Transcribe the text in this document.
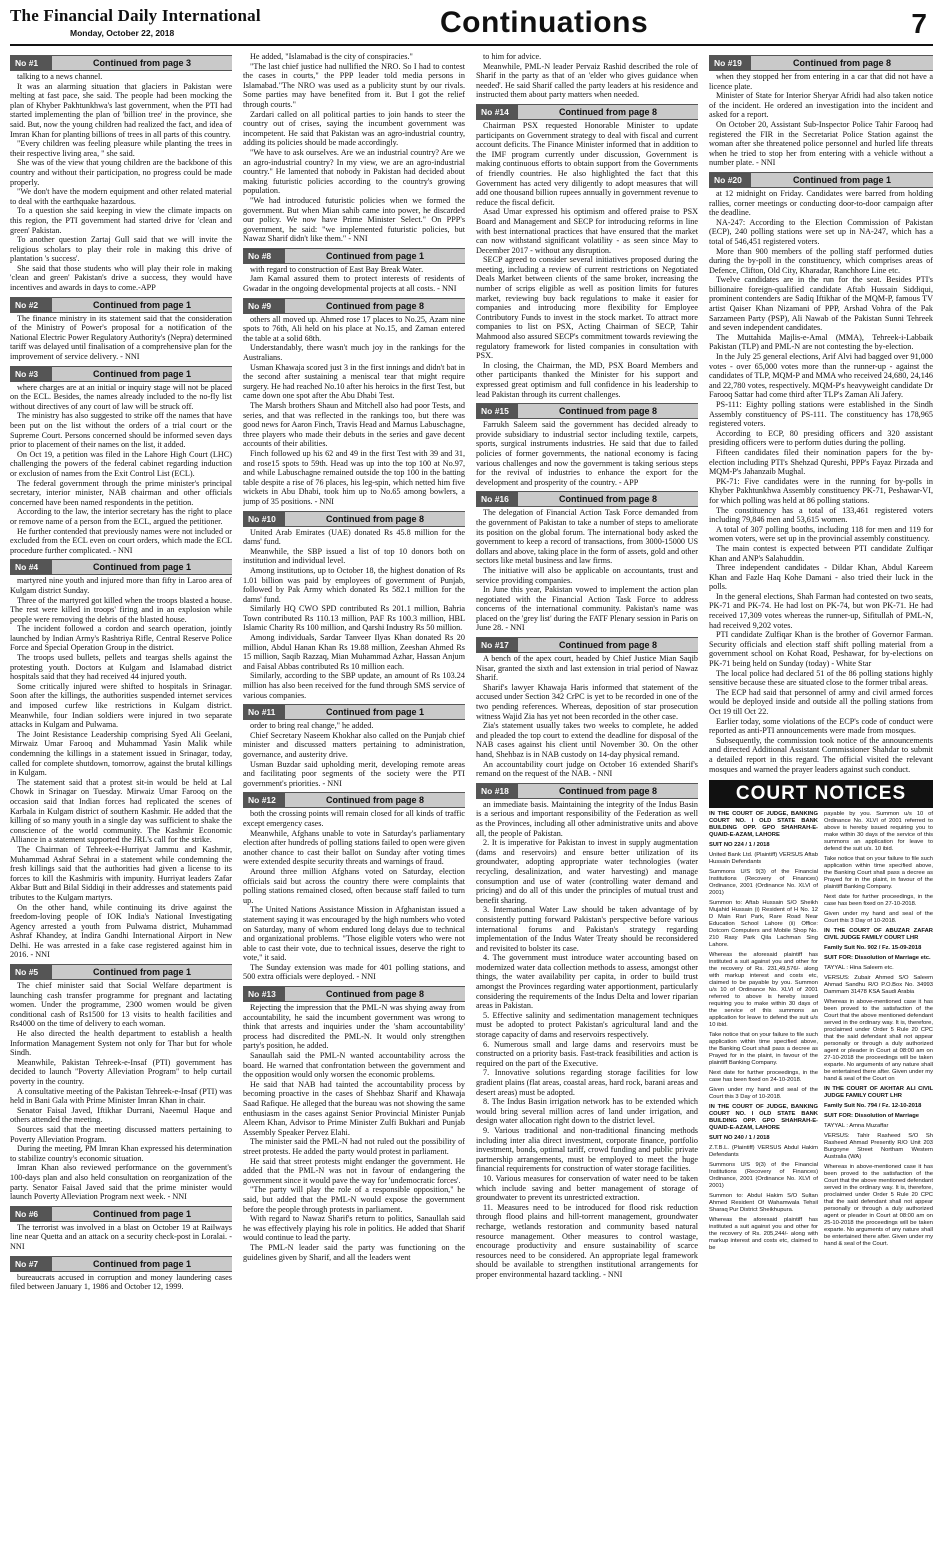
The Financial Daily International
Monday, October 22, 2018	Continuations	7
No #1	Continued from page 3

talking to a news channel.

It was an alarming situation that glaciers in Pakistan were melting at fast pace, she said. The people had been mocking the plan of Khyber Pakhtunkhwa's last government, when the PTI had started implementing the plan of 'billion tree' in the province, she said. But, now the young children had realized the fact, and idea of Imran Khan for planting billions of trees in all parts of this country.

"Every children was feeling pleasure while planting the trees in their respective living area, " she said.

She was of the view that young children are the backbone of this country and without their participation, no progress could be made properly.

"We don't have the modern equipment and other related material to deal with the earthquake hazardous.

To a question she said keeping in view the climate impacts on this region, the PTI government had started drive for 'clean and green' Pakistan.

To another question Zartaj Gull said that we will invite the religious scholars to play their role in making this drive of plantation 's success'.

She said that those students who will play their role in making 'clean and green' Pakistan's drive a success, they would have incentives and awards in days to come.-APP

No #2	Continued from page 1

The finance ministry in its statement said that the consideration of the Ministry of Power's proposal for a notification of the National Electric Power Regulatory Authority's (Nepra) determined tariff was delayed until finalisation of a comprehensive plan for the improvement of service delivery. - NNI

No #3	Continued from page 1

where charges are at an initial or inquiry stage will not be placed on the ECL. Besides, the names already included to the no-fly list without directives of any court of law will be struck off.

The ministry has also suggested to strike off the names that have been put on the list without the orders of a trial court or the Supreme Court. Persons concerned should be informed seven days prior to placement of their names on the list, it added.

On Oct 19, a petition was filed in the Lahore High Court (LHC) challenging the powers of the federal cabinet regarding induction or exclusion of names from the Exit Control List (ECL).

The federal government through the prime minister's principal secretary, interior minister, NAB chairman and other officials concerned have been named respondents in the petition.

According to the law, the interior secretary has the right to place or remove name of a person from the ECL, argued the petitioner.

He further contended that previously names were not included or excluded from the ECL even on court orders, which made the ECL procedure further complicated. - NNI

No #4	Continued from page 1

martyred nine youth and injured more than fifty in Laroo area of Kulgam district Sunday.

Three of the martyred got killed when the troops blasted a house. The rest were killed in troops' firing and in an explosion while people were removing the debris of the blasted house.

The incident followed a cordon and search operation, jointly launched by Indian Army's Rashtriya Rifle, Central Reserve Police Force and Special Operation Group in the district.

The troops used bullets, pellets and teargas shells against the protesting youth. Doctors at Kulgam and Islamabad district hospitals said that they had received 44 injured youth.

Some critically injured were shifted to hospitals in Srinagar. Soon after the killings, the authorities suspended internet services and imposed curfew like restrictions in Kulgam district. Meanwhile, four Indian soldiers were injured in two separate attacks in Kulgam and Pulwama.

The Joint Resistance Leadership comprising Syed Ali Geelani, Mirwaiz Umar Farooq and Muhammad Yasin Malik while condemning the killings in a statement issued in Srinagar, today, called for complete shutdown, tomorrow, against the brutal killings in Kulgam.

The statement said that a protest sit-in would be held at Lal Chowk in Srinagar on Tuesday. Mirwaiz Umar Farooq on the occasion said that Indian forces had replicated the scenes of Karbala in Kulgam district of southern Kashmir. He added that the killing of so many youth in a single day was sufficient to shake the conscience of the world community. The Kashmir Economic Alliance in a statement supported the JRL's call for the strike.

The Chairman of Tehreek-e-Hurriyat Jammu and Kashmir, Muhammad Ashraf Sehrai in a statement while condemning the fresh killings said that the authorities had given a license to its forces to kill the Kashmiris with impunity. Hurriyat leaders Zafar Akbar Butt and Bilal Siddiqi in their addresses and statements paid tributes to the Kulgam martyrs.

On the other hand, while continuing its drive against the freedom-loving people of IOK India's National Investigating Agency arrested a youth from Pulwama district, Muhammad Ashraf Khandey, at Indira Gandhi International Airport in New Delhi. He was arrested in a fake case registered against him in 2016. - NNI

No #5	Continued from page 1

The chief minister said that Social Welfare department is launching cash transfer programme for pregnant and lactating women. Under the programme, 2300 women would be given conditional cash of Rs1500 for 13 visits to health facilities and Rs4000 on the time of delivery to each woman.

He also directed the health department to establish a health Information Management System not only for Thar but for whole Sindh.

Meanwhile, Pakistan Tehreek-e-Insaf (PTI) government has decided to launch "Poverty Alleviation Program" to help curtail poverty in the country.

A consultative meeting of the Pakistan Tehreek-e-Insaf (PTI) was held in Bani Gala with Prime Minister Imran Khan in chair.

Senator Faisal Javed, Iftikhar Durrani, Naeemul Haque and others attended the meeting.

Sources said that the meeting discussed matters pertaining to Poverty Alleviation Program.

During the meeting, PM Imran Khan expressed his determination to stabilize country's economic situation.

Imran Khan also reviewed performance on the government's 100-days plan and also held consultation on reorganization of the party. Senator Faisal Javed said that the prime minister would launch Poverty Alleviation Program next week. - NNI

No #6	Continued from page 1

The terrorist was involved in a blast on October 19 at Railways line near Quetta and an attack on a security check-post in Loralai. - NNI

No #7	Continued from page 1

bureaucrats accused in corruption and money laundering cases filed between January 1, 1986 and October 12, 1999.

He added, "Islamabad is the city of conspiracies."

"The last chief justice had nullified the NRO. So I had to contest the cases in courts," the PPP leader told media persons in Islamabad."The NRO was used as a publicity stunt by our rivals. Some parties may have benefited from it. But I got the relief through courts."

Zardari called on all political parties to join hands to steer the country out of crises, saying the incumbent government was incompetent. He said that Pakistan was an agro-industrial country, adding its policies should be made accordingly.

"We have to ask ourselves. Are we an industrial country? Are we an agro-industrial country? In my view, we are an agro-industrial country." He lamented that nobody in Pakistan had decided about making futuristic policies according to the country's growing population.

"We had introduced futuristic policies when we formed the government. But when Mian sahib came into power, he discarded our policy. We now have Prime Minister Select." On PPP's government, he said: "we implemented futuristic policies, but Nawaz Sharif didn't like them." - NNI

No #8	Continued from page 1

with regard to construction of East Bay Break Water.

Jam Kamal assured them to protect interests of residents of Gwadar in the ongoing developmental projects at all costs. - NNI

No #9	Continued from page 8

others all moved up. Ahmed rose 17 places to No.25, Azam nine spots to 76th, Ali held on his place at No.15, and Zaman entered the table at a solid 68th.

Understandably, there wasn't much joy in the rankings for the Australians.

Usman Khawaja scored just 3 in the first innings and didn't bat in the second after sustaining a meniscal tear that might require surgery. He had reached No.10 after his heroics in the first Test, but came down one spot after the Abu Dhabi Test.

The Marsh brothers Shaun and Mitchell also had poor Tests, and series, and that was reflected in the rankings too, but there was good news for Aaron Finch, Travis Head and Marnus Labuschagne, three players who made their debuts in the series and gave decent accounts of their abilities.

Finch followed up his 62 and 49 in the first Test with 39 and 31, and rose15 spots to 59th. Head was up into the top 100 at No.97, and while Labuschagne remained outside the top 100 in the batting table despite a rise of 76 places, his leg-spin, which netted him five wickets in Abu Dhabi, took him up to No.65 among bowlers, a jump of 35 positions. - NNI

No #10	Continued from page 8

United Arab Emirates (UAE) donated Rs 45.8 million for the dams' fund.

Meanwhile, the SBP issued a list of top 10 donors both on institution and individual level.

Among institutions, up to October 18, the highest donation of Rs 1.01 billion was paid by employees of government of Punjab, followed by Pak Army which donated Rs 582.1 million for the dams' fund.

Similarly HQ CWO SPD contributed Rs 201.1 million, Bahria Town contributed Rs 110.13 million, PAF Rs 100.3 million, HBL Islamic Charity Rs 100 million, and Qarshi Industry Rs 50 million.

Among individuals, Sardar Tanveer Ilyas Khan donated Rs 20 million, Abdul Hanan Khan Rs 19.88 million, Zeeshan Ahmed Rs 15 million, Saqib Razzaq, Mian Muhammad Azhar, Hassan Anjum and Faisal Abbas contributed Rs 10 million each.

Similarly, according to the SBP update, an amount of Rs 103.24 million has also been received for the fund through SMS service of various companies.

No #11	Continued from page 1

order to bring real change," he added.

Chief Secretary Naseem Khokhar also called on the Punjab chief minister and discussed matters pertaining to administration, governance, and austerity drive.

Usman Buzdar said upholding merit, developing remote areas and facilitating poor segments of the society were the PTI government's priorities. - NNI

No #12	Continued from page 8

both the crossing points will remain closed for all kinds of traffic except emergency cases.

Meanwhile, Afghans unable to vote in Saturday's parliamentary election after hundreds of polling stations failed to open were given another chance to cast their ballot on Sunday after voting times were extended despite security threats and warnings of fraud.

Around three million Afghans voted on Saturday, election officials said but across the country there were complaints that polling stations remained closed, often because staff failed to turn up.

The United Nations Assistance Mission in Afghanistan issued a statement saying it was encouraged by the high numbers who voted on Saturday, many of whom endured long delays due to technical and organizational problems. "Those eligible voters who were not able to cast their vote, due to technical issues, deserve the right to vote," it said.

The Sunday extension was made for 401 polling stations, and 500 extra officials were deployed. - NNI

No #13	Continued from page 8

Rejecting the impression that the PML-N was shying away from accountability, he said the incumbent government was wrong to think that arrests and inquiries under the 'sham accountability' process had discredited the PML-N. It would only strengthen party's position, he added.

Sanaullah said the PML-N wanted accountability across the board. He warned that confrontation between the government and the opposition would only worsen the economic problems.

He said that NAB had tainted the accountability process by becoming proactive in the cases of Shehbaz Sharif and Khawaja Saad Rafique. He alleged that the bureau was not showing the same enthusiasm in the cases against Senior Provincial Minister Punjab Aleem Khan, Advisor to Prime Minister Zulfi Bukhari and Punjab Assembly Speaker Pervez Elahi.

The minister said the PML-N had not ruled out the possibility of street protests. He added the party would protest in parliament.

He said that street protests might endanger the government. He added that the PML-N was not in favour of endangering the government since it would pave the way for 'undemocratic forces'.

"The party will play the role of a responsible opposition," he said, but added that the PML-N would expose the government before the people through protests in parliament.

With regard to Nawaz Sharif's return to politics, Sanaullah said he was effectively playing his role in politics. He added that Sharif would continue to lead the party.

The PML-N leader said the party was functioning on the guidelines given by Sharif, and all the leaders went

to him for advice.

Meanwhile, PML-N leader Pervaiz Rashid described the role of Sharif in the party as that of an 'elder who gives guidance when needed'. He said Sharif called the party leaders at his residence and instructed them about party matters when needed.

No #14	Continued from page 8

Chairman PSX requested Honorable Minister to update participants on Government strategy to deal with fiscal and current account deficits. The Finance Minister informed that in addition to the IMF program currently under discussion, Government is making continuous efforts to obtain support from the Governments of friendly countries. He also highlighted the fact that this Government has acted very diligently to adopt measures that will add one thousand billion rupees annually in government revenue to reduce the fiscal deficit.

Asad Umar expressed his optimism and offered praise to PSX Board and Management and SECP for introducing reforms in line with best international practices that have ensured that the market can now withstand significant volatility - as seen since May to December 2017 - without any disruption.

SECP agreed to consider several initiatives proposed during the meeting, including a review of current restrictions on Negotiated Deals Market between clients of the same broker, increasing the number of scrips eligible as well as position limits for futures market, reviewing buy back regulations to make it easier for companies and introducing more flexibility for Employee Contributory Funds to invest in the stock market. To attract more companies to list on PSX, Acting Chairman of SECP, Tahir Mahmood also assured SECP's commitment towards reviewing the regulatory framework for listed companies in consultation with PSX.

In closing, the Chairman, the MD, PSX Board Members and other participants thanked the Minister for his support and expressed great optimism and full confidence in his leadership to lead Pakistan through its current challenges.

No #15	Continued from page 8

Farrukh Saleem said the government has decided already to provide subsidiary to industrial sector including textile, carpets, sports, surgical instruments industries. He said that due to failed policies of former governments, the national economy is facing various challenges and now the government is taking serious steps for the revival of industries to enhance the export for the development and prosperity of the country. - APP

No #16	Continued from page 8

The delegation of Financial Action Task Force demanded from the government of Pakistan to take a number of steps to ameliorate its position on the global forum. The international body asked the government to keep a record of transactions, from 3000-15000 US dollars and above, taking place in the form of assets, gold and other sectors like metal business and law firms.

The initiative will also be applicable on accountants, trust and service providing companies.

In June this year, Pakistan vowed to implement the action plan negotiated with the Financial Action Task Force to address concerns of the international community. Pakistan's name was placed on the 'grey list' during the FATF Plenary session in Paris on June 28. - NNI

No #17	Continued from page 8

A bench of the apex court, headed by Chief Justice Mian Saqib Nisar, granted the sixth and last extension in trial period of Nawaz Sharif.

Sharif's lawyer Khawaja Haris informed that statement of the accused under Section 342 CrPC is yet to be recorded in one of the two pending references. Whereas, deposition of star prosecution witness Wajid Zia has yet not been recorded in the other case.

Zia's statement usually takes two weeks to complete, he added and pleaded the top court to extend the deadline for disposal of the NAB cases against his client until November 30. On the other hand, Shehbaz is in NAB custody on 14-day physical remand.

An accountability court judge on October 16 extended Sharif's remand on the request of the NAB. - NNI

No #18	Continued from page 8

an immediate basis. Maintaining the integrity of the Indus Basin is a serious and important responsibility of the Federation as well as the Provinces, including all other administrative units and above all, the people of Pakistan.

2. It is imperative for Pakistan to invest in supply augmentation (dams and reservoirs) and ensure better utilization of its groundwater, adopting appropriate water technologies (water recycling, desalinization, and water harvesting) and manage consumption and use of water (controlling water demand and pricing) and do all of this under the principles of mutual trust and benefit sharing.

3. International Water Law should be taken advantage of by consistently putting forward Pakistan's perspective before various international forums and Pakistan's strategy regarding implementation of the Indus Water Treaty should be reconsidered and revisited to bolster its case.

4. The government must introduce water accounting based on modernized water data collection methods to assess, amongst other things, the water availability per capita, in order to build trust amongst the Provinces regarding water apportionment, particularly considering the requirements of the Indus Delta and lower riparian areas in Pakistan.

5. Effective salinity and sedimentation management techniques must be adopted to protect Pakistan's agricultural land and the storage capacity of dams and reservoirs respectively.

6. Numerous small and large dams and reservoirs must be constructed on a priority basis. Fast-track feasibilities and action is required on the part of the Executive.

7. Innovative solutions regarding storage facilities for low gradient plains (flat areas, coastal areas, hard rock, barani areas and desert areas) must be adopted.

8. The Indus Basin irrigation network has to be extended which would bring several million acres of land under irrigation, and design water allocation right down to the district level.

9. Various traditional and non-traditional financing methods including inter alia direct investment, corporate finance, portfolio investment, bonds, optimal tariff, crowd funding and public private partnership arrangements, must be employed to meet the huge financial requirements for construction of water storage facilities.

10. Various measures for conservation of water need to be taken which include saving and better management of storage of groundwater to prevent its unrestricted extraction.

11. Measures need to be introduced for flood risk reduction through flood plains and hill-torrent management, groundwater recharge, wetlands restoration and community based natural resource management. Other measures to control wastage, encourage productivity and ensure sustainability of scarce resources need to be considered. An appropriate legal framework should be available to strengthen institutional arrangements for proper environmental hazard tackling. - NNI

No #19	Continued from page 8

when they stopped her from entering in a car that did not have a licence plate.

Minister of State for Interior Sheryar Afridi had also taken notice of the incident. He ordered an investigation into the incident and asked for a report.

On October 20, Assistant Sub-Inspector Police Tahir Farooq had registered the FIR in the Secretariat Police Station against the woman after she threatened police personnel and hurled life threats when he tried to stop her from entering with a vehicle without a number plate. - NNI

No #20	Continued from page 1

at 12 midnight on Friday. Candidates were barred from holding rallies, corner meetings or conducting door-to-door campaign after the deadline.

NA-247: According to the Election Commission of Pakistan (ECP), 240 polling stations were set up in NA-247, which has a total of 546,451 registered voters.

More than 900 members of the polling staff performed duties during the by-poll in the constituency, which comprises areas of Defence, Clifton, Old City, Kharadar, Ranchhore Line etc.

Twelve candidates are in the run for the seat. Besides PTI's billionaire foreign-qualified candidate Aftab Hussain Siddiqui, prominent contenders are Sadiq Iftikhar of the MQM-P, famous TV artist Qaiser Khan Nizamani of PPP, Arshad Vohra of the Pak Sarzameen Party (PSP), Ali Nawab of the Pakistan Sunni Tehreek and seven independent candidates.

The Muttahida Majlis-e-Amal (MMA), Tehreek-i-Labbaik Pakistan (TLP) and PML-N are not contesting the by-election.

In the July 25 general elections, Arif Alvi had bagged over 91,000 votes - over 65,000 votes more than the runner-up - against the candidates of TLP, MQM-P and MMA who received 24,680, 24,146 and 22,780 votes, respectively. MQM-P's heavyweight candidate Dr Farooq Sattar had come third after TLP's Zaman Ali Jafery.

PS-111: Eighty polling stations were established in the Sindh Assembly constituency of PS-111. The constituency has 178,965 registered voters.

According to ECP, 80 presiding officers and 320 assistant presiding officers were to perform duties during the polling.

Fifteen candidates filed their nomination papers for the by-election including PTI's Shehzad Qureshi, PPP's Fayaz Pirzada and MQM-P's Jahanzaib Mughal.

PK-71: Five candidates were in the running for by-polls in Khyber Pakhtunkhwa Assembly constituency PK-71, Peshawar-VI, for which polling was held at 86 polling stations.

The constituency has a total of 133,461 registered voters including 79,846 men and 53,615 women.

A total of 307 polling booths, including 118 for men and 119 for women voters, were set up in the provincial assembly constituency.

The main contest is expected between PTI candidate Zulfiqar Khan and ANP's Salahuddin.

Three independent candidates - Dildar Khan, Abdul Kareem Khan and Fazle Haq Kohe Damani - also tried their luck in the polls.

In the general elections, Shah Farman had contested on two seats, PK-71 and PK-74. He had lost on PK-74, but won PK-71. He had received 17,309 votes whereas the runner-up, Sifitullah of PML-N, had received 9,202 votes.

PTI candidate Zulfiqar Khan is the brother of Governor Farman. Security officials and election staff shift polling material from a government school on Kohat Road, Peshawar, for by-elections on PK-71 being held on Sunday (today) - White Star

The local police had declared 51 of the 86 polling stations highly sensitive because these are situated close to the former tribal areas.

The ECP had said that personnel of army and civil armed forces would be deployed inside and outside all the polling stations from Oct 19 till Oct 22.

Earlier today, some violations of the ECP's code of conduct were reported as anti-PTI announcements were made from mosques.

Subsequently, the commission took notice of the announcements and directed Additional Assistant Commissioner Shahdar to submit a detailed report in this regard. The official visited the relevant mosques and warned the prayer leaders against such conduct.

COURT NOTICES

IN THE COURT OF JUDGE, BANKING COURT NO. I OLD STATE BANK BUILDING OPP. GPO SHAHRAH-E-QUAID-E-AZAM, LAHORE

SUIT NO 224 / 1 / 2018

United Bank Ltd. (Plaintiff) VERSUS Aftab Hussain Defendants

Summons U/S 9(3) of the Financial Institutions (Recovery of Finances) Ordinance, 2001 (Ordinance No. XLVI of 2001)

Summon to: Aftab Hussain S/O Sheikh Mujahid Hussain (i) Resident of H No. 12 D Main Rari Park, Rare Road Near Education School Lahore (ii) Office: Dotcom Computers and Mobile Shop No. 210 Rasy Park Qila Lachman Sing Lahore.

Whereas the aforesaid plaintiff has instituted a suit against you and other for the recovery of Rs. 231,49,576/- along with markup interest and costs etc, claimed to be payable by you. Summon u/s 10 of Ordinance No. XLVI of 2001 referred to above is hereby issued requiring you to make within 30 days of the service of this summons an application for leave to defend the suit u/s 10 ibid.

Take notice that on your failure to file such application within time specified above, the Banking Court shall pass a decree as Prayed for in the plaint, in favour of the plaintiff Banking Company.

Next date for further proceedings, in the case has been fixed on 24-10-2018.

Given under my hand and seal of the Court this 3 Day of 10-2018.

IN THE COURT OF JUDGE, BANKING COURT NO. I OLD STATE BANK BUILDING OPP. GPO SHAHRAH-E-QUAID-E-AZAM, LAHORE

SUIT NO 240 / 1 / 2018

Z.T.B.L. (Plaintiff) VERSUS Abdul Hakim Defendants

Summons U/S 9(3) of the Financial Institutions (Recovery of Finances) Ordinance, 2001 (Ordinance No. XLVI of 2001)

Summon to: Abdul Hakim S/O Sultan Ahmed Resident Of Wahamwala Tehsil Sharaq Pur District Sheikhupura.

Whereas the aforesaid plaintiff has instituted a suit against you and other for the recovery of Rs. 205,244/- along with markup interest and costs etc, claimed to be

payable by you. Summon u/s 10 of Ordinance No. XLVI of 2001 referred to above is hereby issued requiring you to make within 30 days of the service of this summons an application for leave to defend the suit u/s. 10 ibid.

Take notice that on your failure to file such application within time specified above, the Banking Court shall pass a decree as Prayed for in the plaint, in favour of the plaintiff Banking Company.

Next date for further proceedings, in the case has been fixed on 27-10-2018.

Given under my hand and seal of the Court this 3 Day of 10-2018.

IN THE COURT OF ABUZAR ZAFAR CIVIL JUDGE FAMILY COURT LHR

Family Suit No. 902 / Fz. 15-09-2018

SUIT FOR: Dissolution of Marriage etc.

TAYYAL : Hina Saleem etc.

VERSUS: Zubair Ahmed S/O Saleem Ahmad Sandhu R/O P.O.Box No. 34993 Dammam 31478 KSA Saudi Arabia

Whereas in above-mentioned case it has been proved to the satisfaction of the Court that the above mentioned defendant served in the ordinary way. It is, therefore, proclaimed under Order 5 Rule 20 CPC that the said defendant shall not appear personally or through a duly authorized agent or pleader in Court at 08:00 am on 27-10-2018 the proceedings will be taken exparte. No arguments of any nature shall be entertained there after. Given under my hand & seal of the Court on

IN THE COURT OF AKHTAR ALI CIVIL JUDGE FAMILY COURT LHR

Family Suit No. 794 / Fz. 12-10-2018

SUIT FOR: Dissolution of Marriage

TAYYAL : Amna Muzaffar

VERSUS: Tahir Rasheed S/O Sh Rasheed Ahmad Presently R/O Unit 203 Burgoyne Street Northam Western Australia (WA)

Whereas in above-mentioned case it has been proved to the satisfaction of the Court that the above mentioned defendant served in the ordinary way. It is, therefore, proclaimed under Order 5 Rule 20 CPC that the said defendant shall not appear personally or through a duly authorized agent or pleader in Court at 08:00 am on 25-10-2018 the proceedings will be taken exparte. No arguments of any nature shall be entertained there after. Given under my hand & seal of the Court.
